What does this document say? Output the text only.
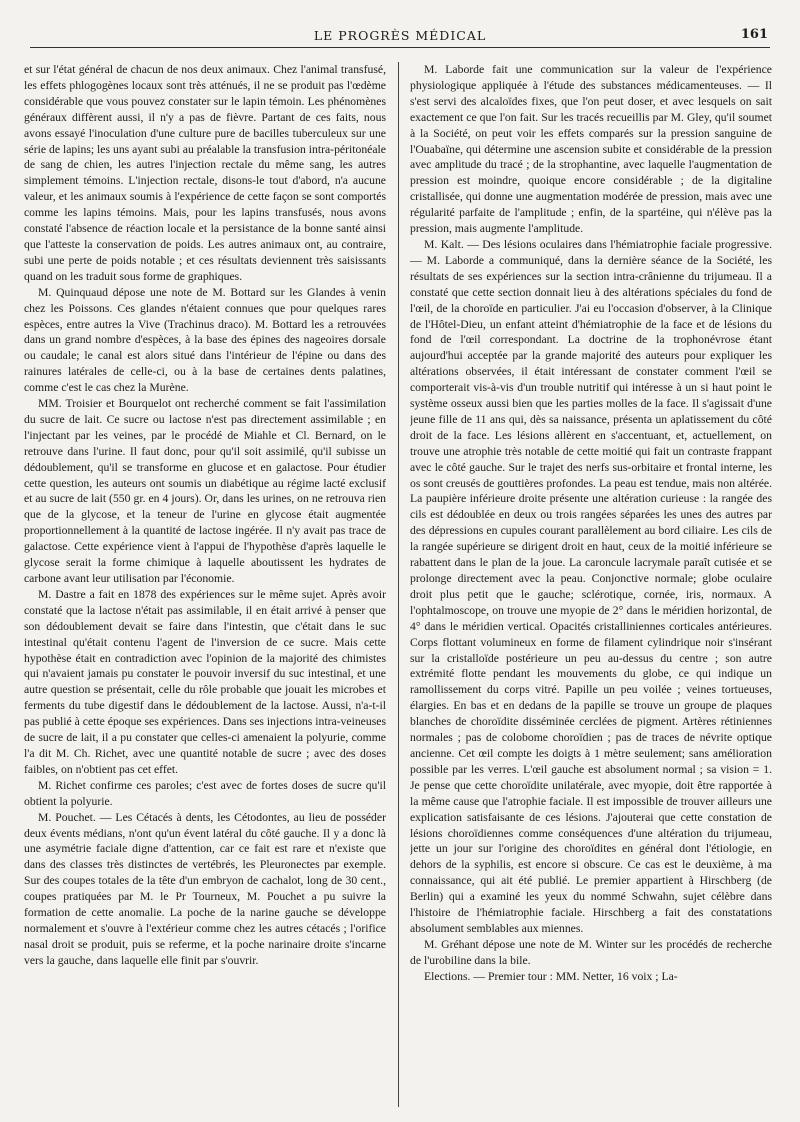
LE PROGRÈS MÉDICAL	161

et sur l'état général de chacun de nos deux animaux. Chez l'animal transfusé, les effets phlogogènes locaux sont très atténués, il ne se produit pas l'œdème considérable que vous pouvez constater sur le lapin témoin. Les phénomènes généraux diffèrent aussi, il n'y a pas de fièvre. Partant de ces faits, nous avons essayé l'inoculation d'une culture pure de bacilles tuberculeux sur une série de lapins; les uns ayant subi au préalable la transfusion intra-péritonéale de sang de chien, les autres l'injection rectale du même sang, les autres simplement témoins. L'injection rectale, disons-le tout d'abord, n'a aucune valeur, et les animaux soumis à l'expérience de cette façon se sont comportés comme les lapins témoins. Mais, pour les lapins transfusés, nous avons constaté l'absence de réaction locale et la persistance de la bonne santé ainsi que l'atteste la conservation de poids. Les autres animaux ont, au contraire, subi une perte de poids notable ; et ces résultats deviennent très saisissants quand on les traduit sous forme de graphiques.

M. Quinquaud dépose une note de M. Bottard sur les Glandes à venin chez les Poissons. Ces glandes n'étaient connues que pour quelques rares espèces, entre autres la Vive (Trachinus draco). M. Bottard les a retrouvées dans un grand nombre d'espèces, à la base des épines des nageoires dorsale ou caudale; le canal est alors situé dans l'intérieur de l'épine ou dans des rainures latérales de celle-ci, ou à la base de certaines dents palatines, comme c'est le cas chez la Murène.

MM. Troisier et Bourquelot ont recherché comment se fait l'assimilation du sucre de lait. Ce sucre ou lactose n'est pas directement assimilable ; en l'injectant par les veines, par le procédé de Miahle et Cl. Bernard, on le retrouve dans l'urine. Il faut donc, pour qu'il soit assimilé, qu'il subisse un dédoublement, qu'il se transforme en glucose et en galactose. Pour étudier cette question, les auteurs ont soumis un diabétique au régime lacté exclusif et au sucre de lait (550 gr. en 4 jours). Or, dans les urines, on ne retrouva rien que de la glycose, et la teneur de l'urine en glycose était augmentée proportionnellement à la quantité de lactose ingérée. Il n'y avait pas trace de galactose. Cette expérience vient à l'appui de l'hypothèse d'après laquelle le glycose serait la forme chimique à laquelle aboutissent les hydrates de carbone avant leur utilisation par l'économie.

M. Dastre a fait en 1878 des expériences sur le même sujet. Après avoir constaté que la lactose n'était pas assimilable, il en était arrivé à penser que son dédoublement devait se faire dans l'intestin, que c'était dans le suc intestinal qu'était contenu l'agent de l'inversion de ce sucre. Mais cette hypothèse était en contradiction avec l'opinion de la majorité des chimistes qui n'avaient jamais pu constater le pouvoir inversif du suc intestinal, et une autre question se présentait, celle du rôle probable que jouait les microbes et ferments du tube digestif dans le dédoublement de la lactose. Aussi, n'a-t-il pas publié à cette époque ses expériences. Dans ses injections intra-veineuses de sucre de lait, il a pu constater que celles-ci amenaient la polyurie, comme l'a dit M. Ch. Richet, avec une quantité notable de sucre ; avec des doses faibles, on n'obtient pas cet effet.

M. Richet confirme ces paroles; c'est avec de fortes doses de sucre qu'il obtient la polyurie.

M. Pouchet. — Les Cétacés à dents, les Cétodontes, au lieu de posséder deux évents médians, n'ont qu'un évent latéral du côté gauche. Il y a donc là une asymétrie faciale digne d'attention, car ce fait est rare et n'existe que dans des classes très distinctes de vertébrés, les Pleuronectes par exemple. Sur des coupes totales de la tête d'un embryon de cachalot, long de 30 cent., coupes pratiquées par M. le Pr Tourneux, M. Pouchet a pu suivre la formation de cette anomalie. La poche de la narine gauche se développe normalement et s'ouvre à l'extérieur comme chez les autres cétacés ; l'orifice nasal droit se produit, puis se referme, et la poche narinaire droite s'incarne vers la gauche, dans laquelle elle finit par s'ouvrir.

M. Laborde fait une communication sur la valeur de l'expérience physiologique appliquée à l'étude des substances médicamenteuses. — Il s'est servi des alcaloïdes fixes, que l'on peut doser, et avec lesquels on sait exactement ce que l'on fait. Sur les tracés recueillis par M. Gley, qu'il soumet à la Société, on peut voir les effets comparés sur la pression sanguine de l'Ouabaïne, qui détermine une ascension subite et considérable de la pression avec amplitude du tracé ; de la strophantine, avec laquelle l'augmentation de pression est moindre, quoique encore considérable ; de la digitaline cristallisée, qui donne une augmentation modérée de pression, mais avec une régularité parfaite de l'amplitude ; enfin, de la spartéine, qui n'élève pas la pression, mais augmente l'amplitude.

M. Kalt. — Des lésions oculaires dans l'hémiatrophie faciale progressive. — M. Laborde a communiqué, dans la dernière séance de la Société, les résultats de ses expériences sur la section intra-crânienne du trijumeau. Il a constaté que cette section donnait lieu à des altérations spéciales du fond de l'œil, de la choroïde en particulier. J'ai eu l'occasion d'observer, à la Clinique de l'Hôtel-Dieu, un enfant atteint d'hémiatrophie de la face et de lésions du fond de l'œil correspondant. La doctrine de la trophonévrose étant aujourd'hui acceptée par la grande majorité des auteurs pour expliquer les altérations observées, il était intéressant de constater comment l'œil se comporterait vis-à-vis d'un trouble nutritif qui intéresse à un si haut point le système osseux aussi bien que les parties molles de la face. Il s'agissait d'une jeune fille de 11 ans qui, dès sa naissance, présenta un aplatissement du côté droit de la face. Les lésions allèrent en s'accentuant, et, actuellement, on trouve une atrophie très notable de cette moitié qui fait un contraste frappant avec le côté gauche. Sur le trajet des nerfs sus-orbitaire et frontal interne, les os sont creusés de gouttières profondes. La peau est tendue, mais non altérée. La paupière inférieure droite présente une altération curieuse : la rangée des cils est dédoublée en deux ou trois rangées séparées les unes des autres par des dépressions en cupules courant parallèlement au bord ciliaire. Les cils de la rangée supérieure se dirigent droit en haut, ceux de la moitié inférieure se rabattent dans le plan de la joue. La caroncule lacrymale paraît cutisée et se prolonge directement avec la peau. Conjonctive normale; globe oculaire droit plus petit que le gauche; sclérotique, cornée, iris, normaux. A l'ophtalmoscope, on trouve une myopie de 2° dans le méridien horizontal, de 4° dans le méridien vertical. Opacités cristalliniennes corticales antérieures. Corps flottant volumineux en forme de filament cylindrique noir s'insérant sur la cristalloïde postérieure un peu au-dessus du centre ; son autre extrémité flotte pendant les mouvements du globe, ce qui indique un ramollissement du corps vitré. Papille un peu voilée ; veines tortueuses, élargies. En bas et en dedans de la papille se trouve un groupe de plaques blanches de choroïdite disséminée cerclées de pigment. Artères rétiniennes normales ; pas de colobome choroïdien ; pas de traces de névrite optique ancienne. Cet œil compte les doigts à 1 mètre seulement; sans amélioration possible par les verres. L'œil gauche est absolument normal ; sa vision = 1. Je pense que cette choroïdite unilatérale, avec myopie, doit être rapportée à la même cause que l'atrophie faciale. Il est impossible de trouver ailleurs une explication satisfaisante de ces lésions. J'ajouterai que cette constation de lésions choroïdiennes comme conséquences d'une altération du trijumeau, jette un jour sur l'origine des choroïdites en général dont l'étiologie, en dehors de la syphilis, est encore si obscure. Ce cas est le deuxième, à ma connaissance, qui ait été publié. Le premier appartient à Hirschberg (de Berlin) qui a examiné les yeux du nommé Schwahn, sujet célèbre dans l'histoire de l'hémiatrophie faciale. Hirschberg a fait des constatations absolument semblables aux miennes.

M. Gréhant dépose une note de M. Winter sur les procédés de recherche de l'urobiline dans la bile.

Elections. — Premier tour : MM. Netter, 16 voix ; La-
